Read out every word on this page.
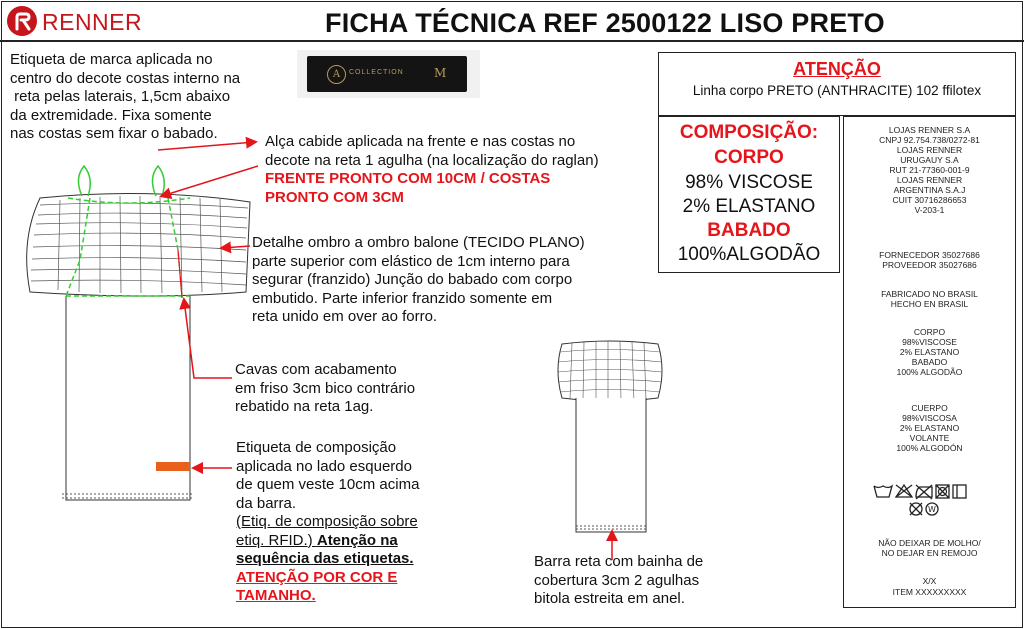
RENNER	FICHA TÉCNICA REF 2500122 LISO PRETO
A	COLLECTION	M
Etiqueta de marca aplicada no
centro do decote costas interno na
reta pelas laterais, 1,5cm abaixo
da extremidade. Fixa somente
nas costas sem fixar o babado.	Alça cabide aplicada na frente e nas costas no
decote na reta 1 agulha (na localização do raglan)
FRENTE PRONTO COM 10CM / COSTAS
PRONTO COM 3CM
Detalhe ombro a ombro balone (TECIDO PLANO)
parte superior com elástico de 1cm interno para
segurar (franzido) Junção do babado com corpo
embutido. Parte inferior franzido somente em
reta unido em over ao forro.
Cavas com acabamento
em friso 3cm bico contrário
rebatido na reta 1ag.
Etiqueta de composição
aplicada no lado esquerdo
de quem veste 10cm acima
da barra.
(Etiq. de composição sobre
etiq. RFID.) Atenção na
sequência das etiquetas.
ATENÇÃO POR COR E
TAMANHO.
Barra reta com bainha de
cobertura 3cm 2 agulhas
bitola estreita em anel.
ATENÇÃO
Linha corpo PRETO (ANTHRACITE) 102 ffilotex
COMPOSIÇÃO:
CORPO
98% VISCOSE
2% ELASTANO
BABADO
100%ALGODÃO
LOJAS RENNER S.A
CNPJ 92.754.738/0272-81
LOJAS RENNER
URUGAUY S.A
RUT 21-77360-001-9
LOJAS RENNER
ARGENTINA S.A.J
CUIT 30716286653
V-203-1
FORNECEDOR 35027686
PROVEEDOR 35027686
FABRICADO NO BRASIL
HECHO EN BRASIL
CORPO
98%VISCOSE
2% ELASTANO
BABADO
100% ALGODÃO
CUERPO
98%VISCOSA
2% ELASTANO
VOLANTE
100% ALGODÓN
W
NÃO DEIXAR DE MOLHO/
NO DEJAR EN REMOJO
X/X
ITEM XXXXXXXXX
